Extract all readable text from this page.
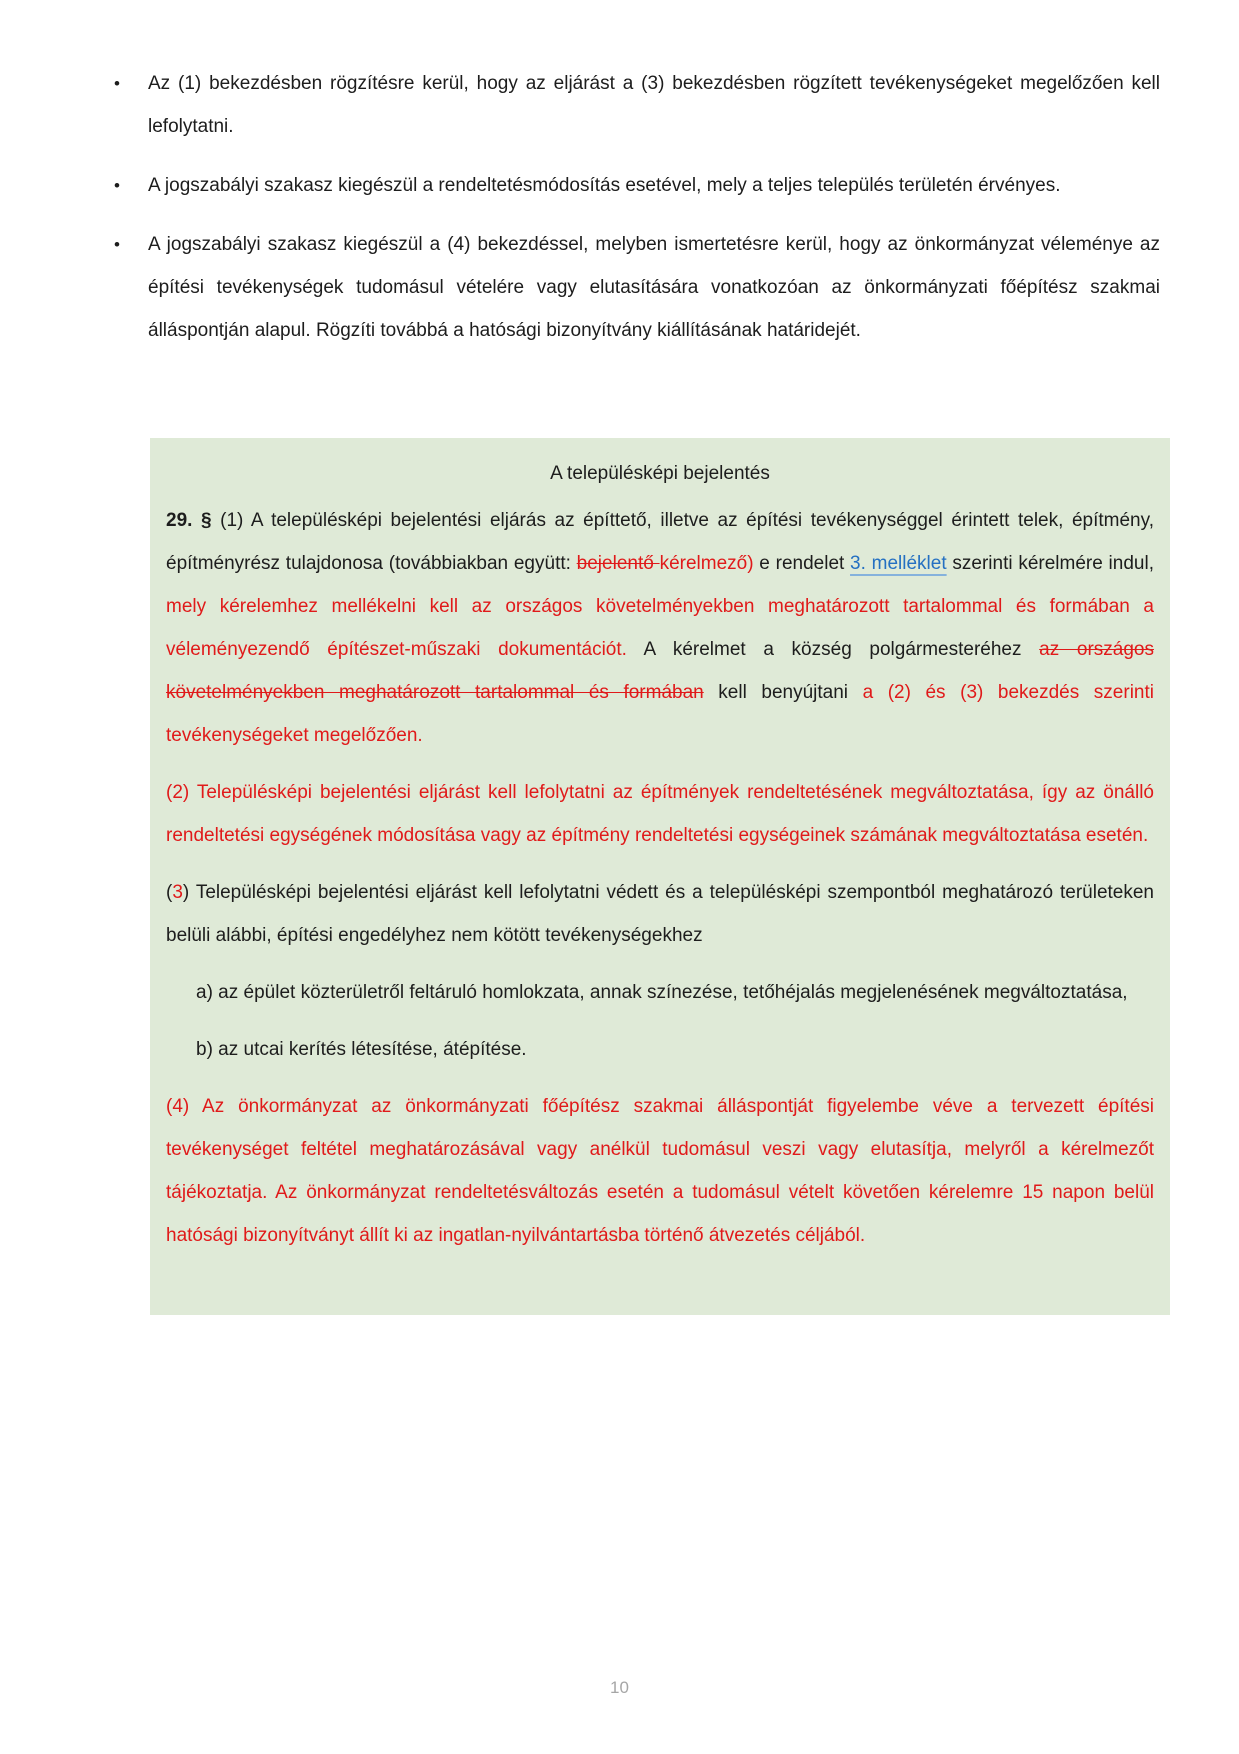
• Az (1) bekezdésben rögzítésre kerül, hogy az eljárást a (3) bekezdésben rögzített tevékenységeket megelőzően kell lefolytatni.
• A jogszabályi szakasz kiegészül a rendeltetésmódosítás esetével, mely a teljes település területén érvényes.
• A jogszabályi szakasz kiegészül a (4) bekezdéssel, melyben ismertetésre kerül, hogy az önkormányzat véleménye az építési tevékenységek tudomásul vételére vagy elutasítására vonatkozóan az önkormányzati főépítész szakmai álláspontján alapul. Rögzíti továbbá a hatósági bizonyítvány kiállításának határidejét.
A településképi bejelentés

29. § (1) A településképi bejelentési eljárás az építtető, illetve az építési tevékenységgel érintett telek, építmény, építményrész tulajdonosa (továbbiakban együtt: bejelentő kérelmező) e rendelet 3. melléklet szerinti kérelmére indul, mely kérelemhez mellékelni kell az országos követelményekben meghatározott tartalommal és formában a véleményezendő építészet-műszaki dokumentációt. A kérelmet a község polgármesteréhez az országos követelményekben meghatározott tartalommal és formában kell benyújtani a (2) és (3) bekezdés szerinti tevékenységeket megelőzően.

(2) Településképi bejelentési eljárást kell lefolytatni az építmények rendeltetésének megváltoztatása, így az önálló rendeltetési egységének módosítása vagy az építmény rendeltetési egységeinek számának megváltoztatása esetén.

(3) Településképi bejelentési eljárást kell lefolytatni védett és a településképi szempontból meghatározó területeken belüli alábbi, építési engedélyhez nem kötött tevékenységekhez

a) az épület közterületről feltáruló homlokzata, annak színezése, tetőhéjalás megjelenésének megváltoztatása,

b) az utcai kerítés létesítése, átépítése.

(4) Az önkormányzat az önkormányzati főépítész szakmai álláspontját figyelembe véve a tervezett építési tevékenységet feltétel meghatározásával vagy anélkül tudomásul veszi vagy elutasítja, melyről a kérelmezőt tájékoztatja. Az önkormányzat rendeltetésváltozás esetén a tudomásul vételt követően kérelemre 15 napon belül hatósági bizonyítványt állít ki az ingatlan-nyilvántartásba történő átvezetés céljából.

10
